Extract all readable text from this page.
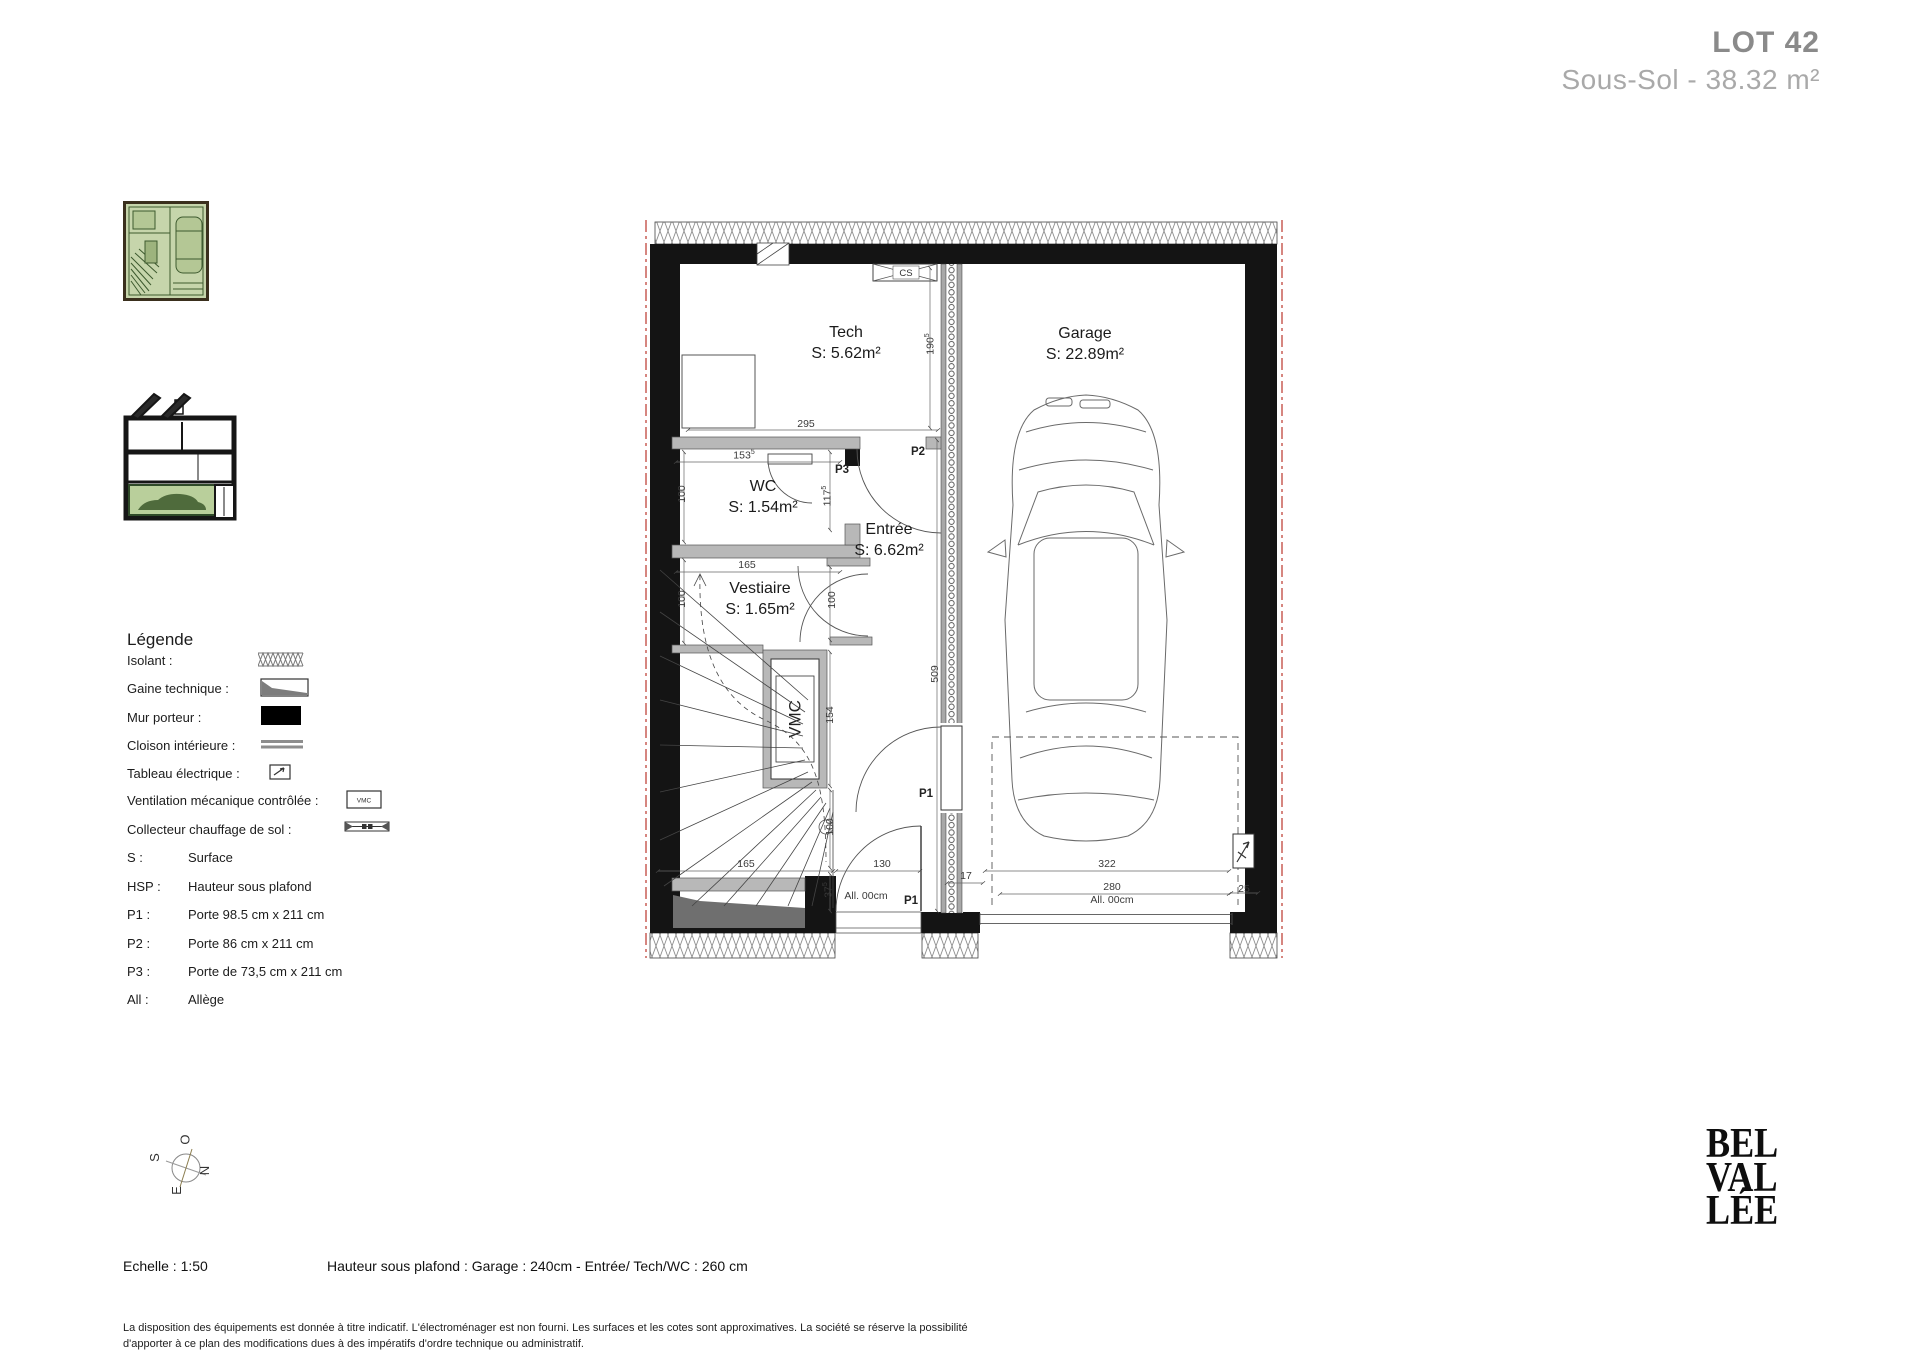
LOT 42
Sous-Sol - 38.32 m²
Légende
Isolant :
Gaine technique :
Mur porteur :
Cloison intérieure :
Tableau électrique :
Ventilation mécanique contrôlée :	VMC
Collecteur chauffage de sol :
S :	Surface
HSP : Hauteur sous plafond
P1 :	Porte 98.5 cm x 211 cm
P2 :	Porte 86 cm x 211 cm
P3 :	Porte de 73,5 cm x 211 cm
All :	Allège
CS
VMC
Tech
S: 5.62m²
Garage
S: 22.89m²
WC
S: 1.54m²
Entrée
S: 6.62m²
Vestiaire
S: 1.65m²
295
$153^5$
165
165	130
17
322
280
All. 00cm
25
All. 00cm P1
P2
P3
P1
$190^5$
100	$117^5$
100	100
509
154
100
$37^5$
O
S
N
E
Echelle : 1:50	Hauteur sous plafond : Garage : 240cm - Entrée/ Tech/WC : 260 cm
La disposition des équipements est donnée à titre indicatif. L'électroménager est non fourni. Les surfaces et les cotes sont approximatives. La société se réserve la possibilité
d'apporter à ce plan des modifications dues à des impératifs d'ordre technique ou administratif.
BEL
VAL
LÉE
